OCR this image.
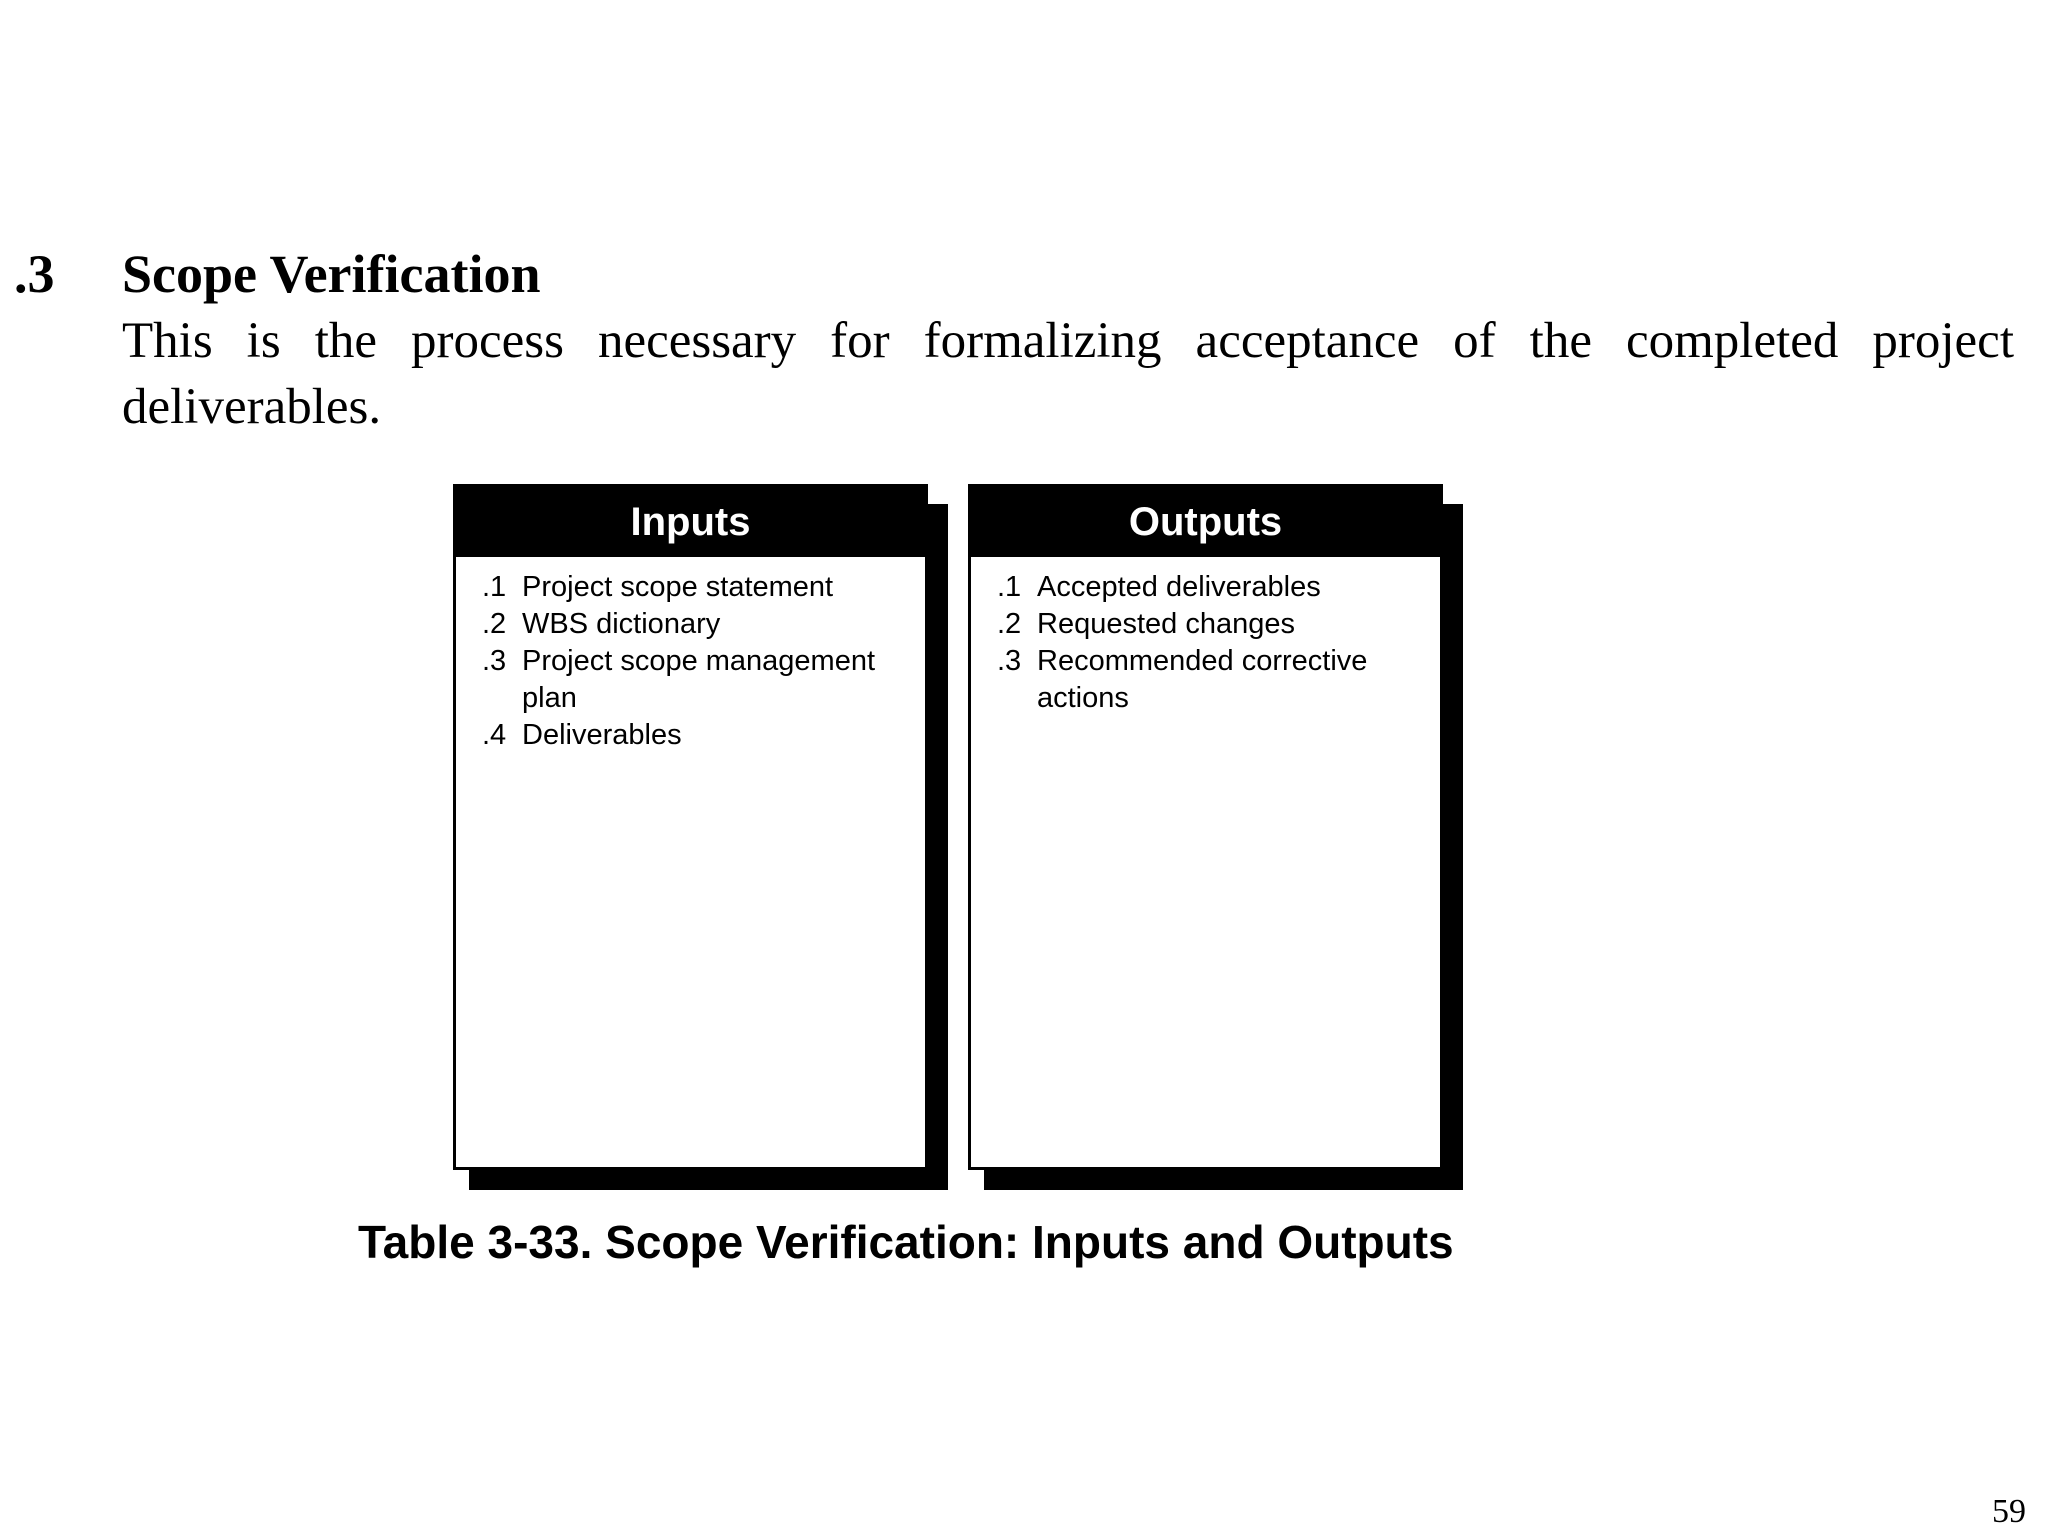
.3 Scope Verification
This is the process necessary for formalizing acceptance of the completed project deliverables.
Inputs
.1 Project scope statement
.2 WBS dictionary
.3 Project scope management plan
.4 Deliverables
Outputs
.1 Accepted deliverables
.2 Requested changes
.3 Recommended corrective actions
Table 3-33. Scope Verification: Inputs and Outputs
59
